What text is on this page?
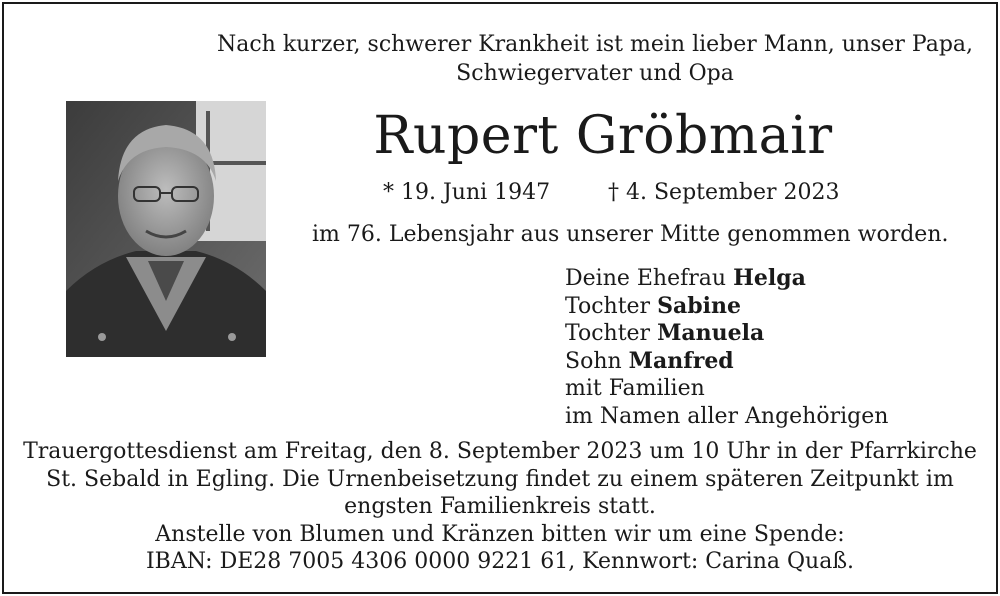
Nach kurzer, schwerer Krankheit ist mein lieber Mann, unser Papa,
Schwiegervater und Opa
Rupert Gröbmair
* 19. Juni 1947	† 4. September 2023
im 76. Lebensjahr aus unserer Mitte genommen worden.
Deine Ehefrau Helga
Tochter Sabine
Tochter Manuela
Sohn Manfred
mit Familien
im Namen aller Angehörigen
Trauergottesdienst am Freitag, den 8. September 2023 um 10 Uhr in der Pfarrkirche
St. Sebald in Egling. Die Urnenbeisetzung findet zu einem späteren Zeitpunkt im
engsten Familienkreis statt.
Anstelle von Blumen und Kränzen bitten wir um eine Spende:
IBAN: DE28 7005 4306 0000 9221 61, Kennwort: Carina Quaß.
